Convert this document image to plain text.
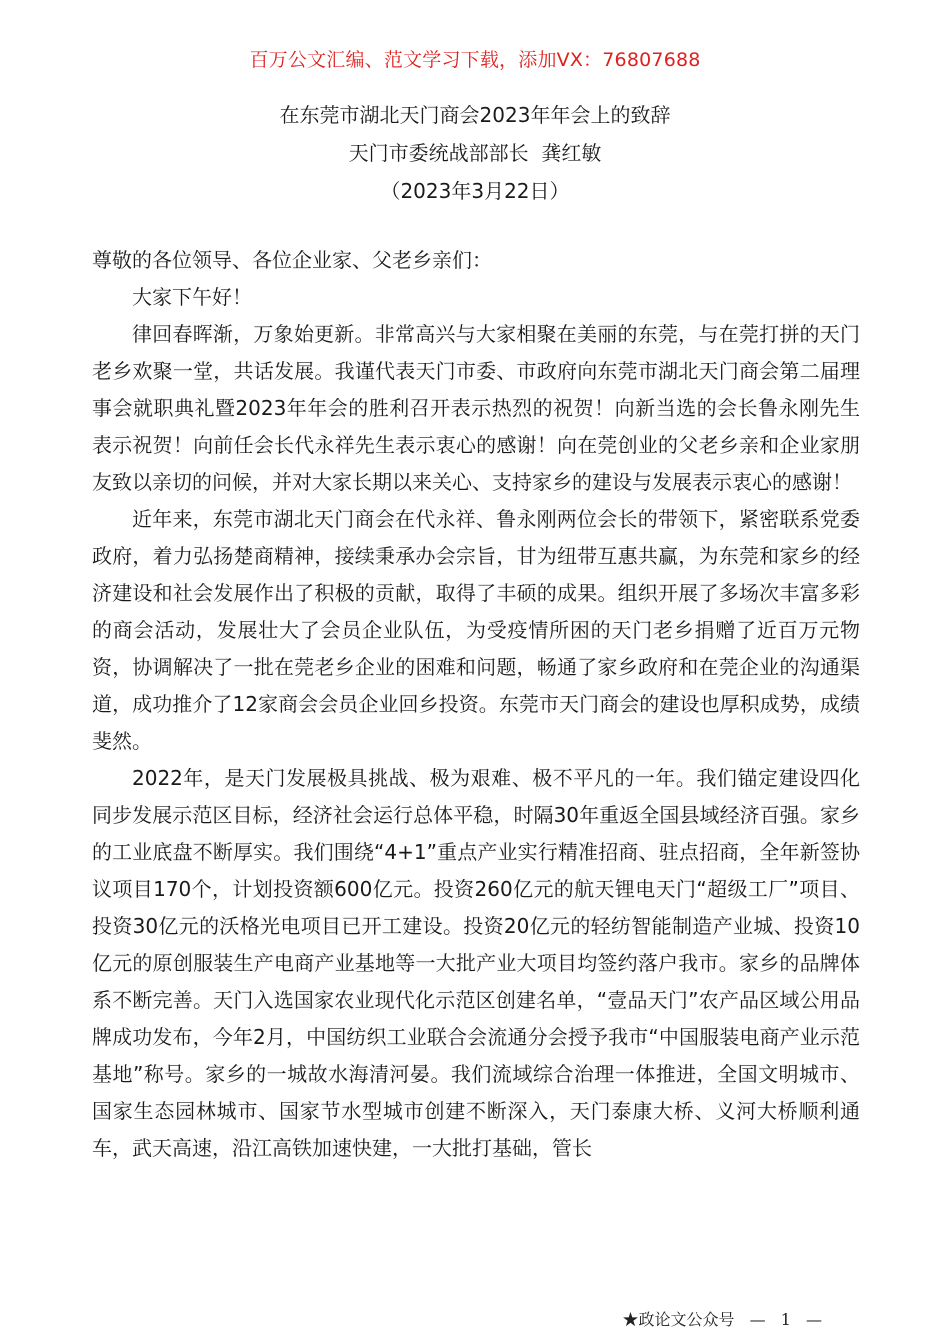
百万公文汇编、范文学习下载，添加VX：76807688
在东莞市湖北天门商会2023年年会上的致辞
天门市委统战部部长  龚红敏
（2023年3月22日）

尊敬的各位领导、各位企业家、父老乡亲们：

大家下午好！

律回春晖渐，万象始更新。非常高兴与大家相聚在美丽的东莞，与在莞打拼的天门老乡欢聚一堂，共话发展。我谨代表天门市委、市政府向东莞市湖北天门商会第二届理事会就职典礼暨2023年年会的胜利召开表示热烈的祝贺！向新当选的会长鲁永刚先生表示祝贺！向前任会长代永祥先生表示衷心的感谢！向在莞创业的父老乡亲和企业家朋友致以亲切的问候，并对大家长期以来关心、支持家乡的建设与发展表示衷心的感谢！

近年来，东莞市湖北天门商会在代永祥、鲁永刚两位会长的带领下，紧密联系党委政府，着力弘扬楚商精神，接续秉承办会宗旨，甘为纽带互惠共赢，为东莞和家乡的经济建设和社会发展作出了积极的贡献，取得了丰硕的成果。组织开展了多场次丰富多彩的商会活动，发展壮大了会员企业队伍，为受疫情所困的天门老乡捐赠了近百万元物资，协调解决了一批在莞老乡企业的困难和问题，畅通了家乡政府和在莞企业的沟通渠道，成功推介了12家商会会员企业回乡投资。东莞市天门商会的建设也厚积成势，成绩斐然。

2022年，是天门发展极具挑战、极为艰难、极不平凡的一年。我们锚定建设四化同步发展示范区目标，经济社会运行总体平稳，时隔30年重返全国县域经济百强。家乡的工业底盘不断厚实。我们围绕“4+1”重点产业实行精准招商、驻点招商，全年新签协议项目170个，计划投资额600亿元。投资260亿元的航天锂电天门“超级工厂”项目、投资30亿元的沃格光电项目已开工建设。投资20亿元的轻纺智能制造产业城、投资10亿元的原创服装生产电商产业基地等一大批产业大项目均签约落户我市。家乡的品牌体系不断完善。天门入选国家农业现代化示范区创建名单，“壹品天门”农产品区域公用品牌成功发布，今年2月，中国纺织工业联合会流通分会授予我市“中国服装电商产业示范基地”称号。家乡的一城故水海清河晏。我们流域综合治理一体推进，全国文明城市、国家生态园林城市、国家节水型城市创建不断深入，天门泰康大桥、义河大桥顺利通车，武天高速，沿江高铁加速快建，一大批打基础，管长

★政论文公众号 — 1 —
